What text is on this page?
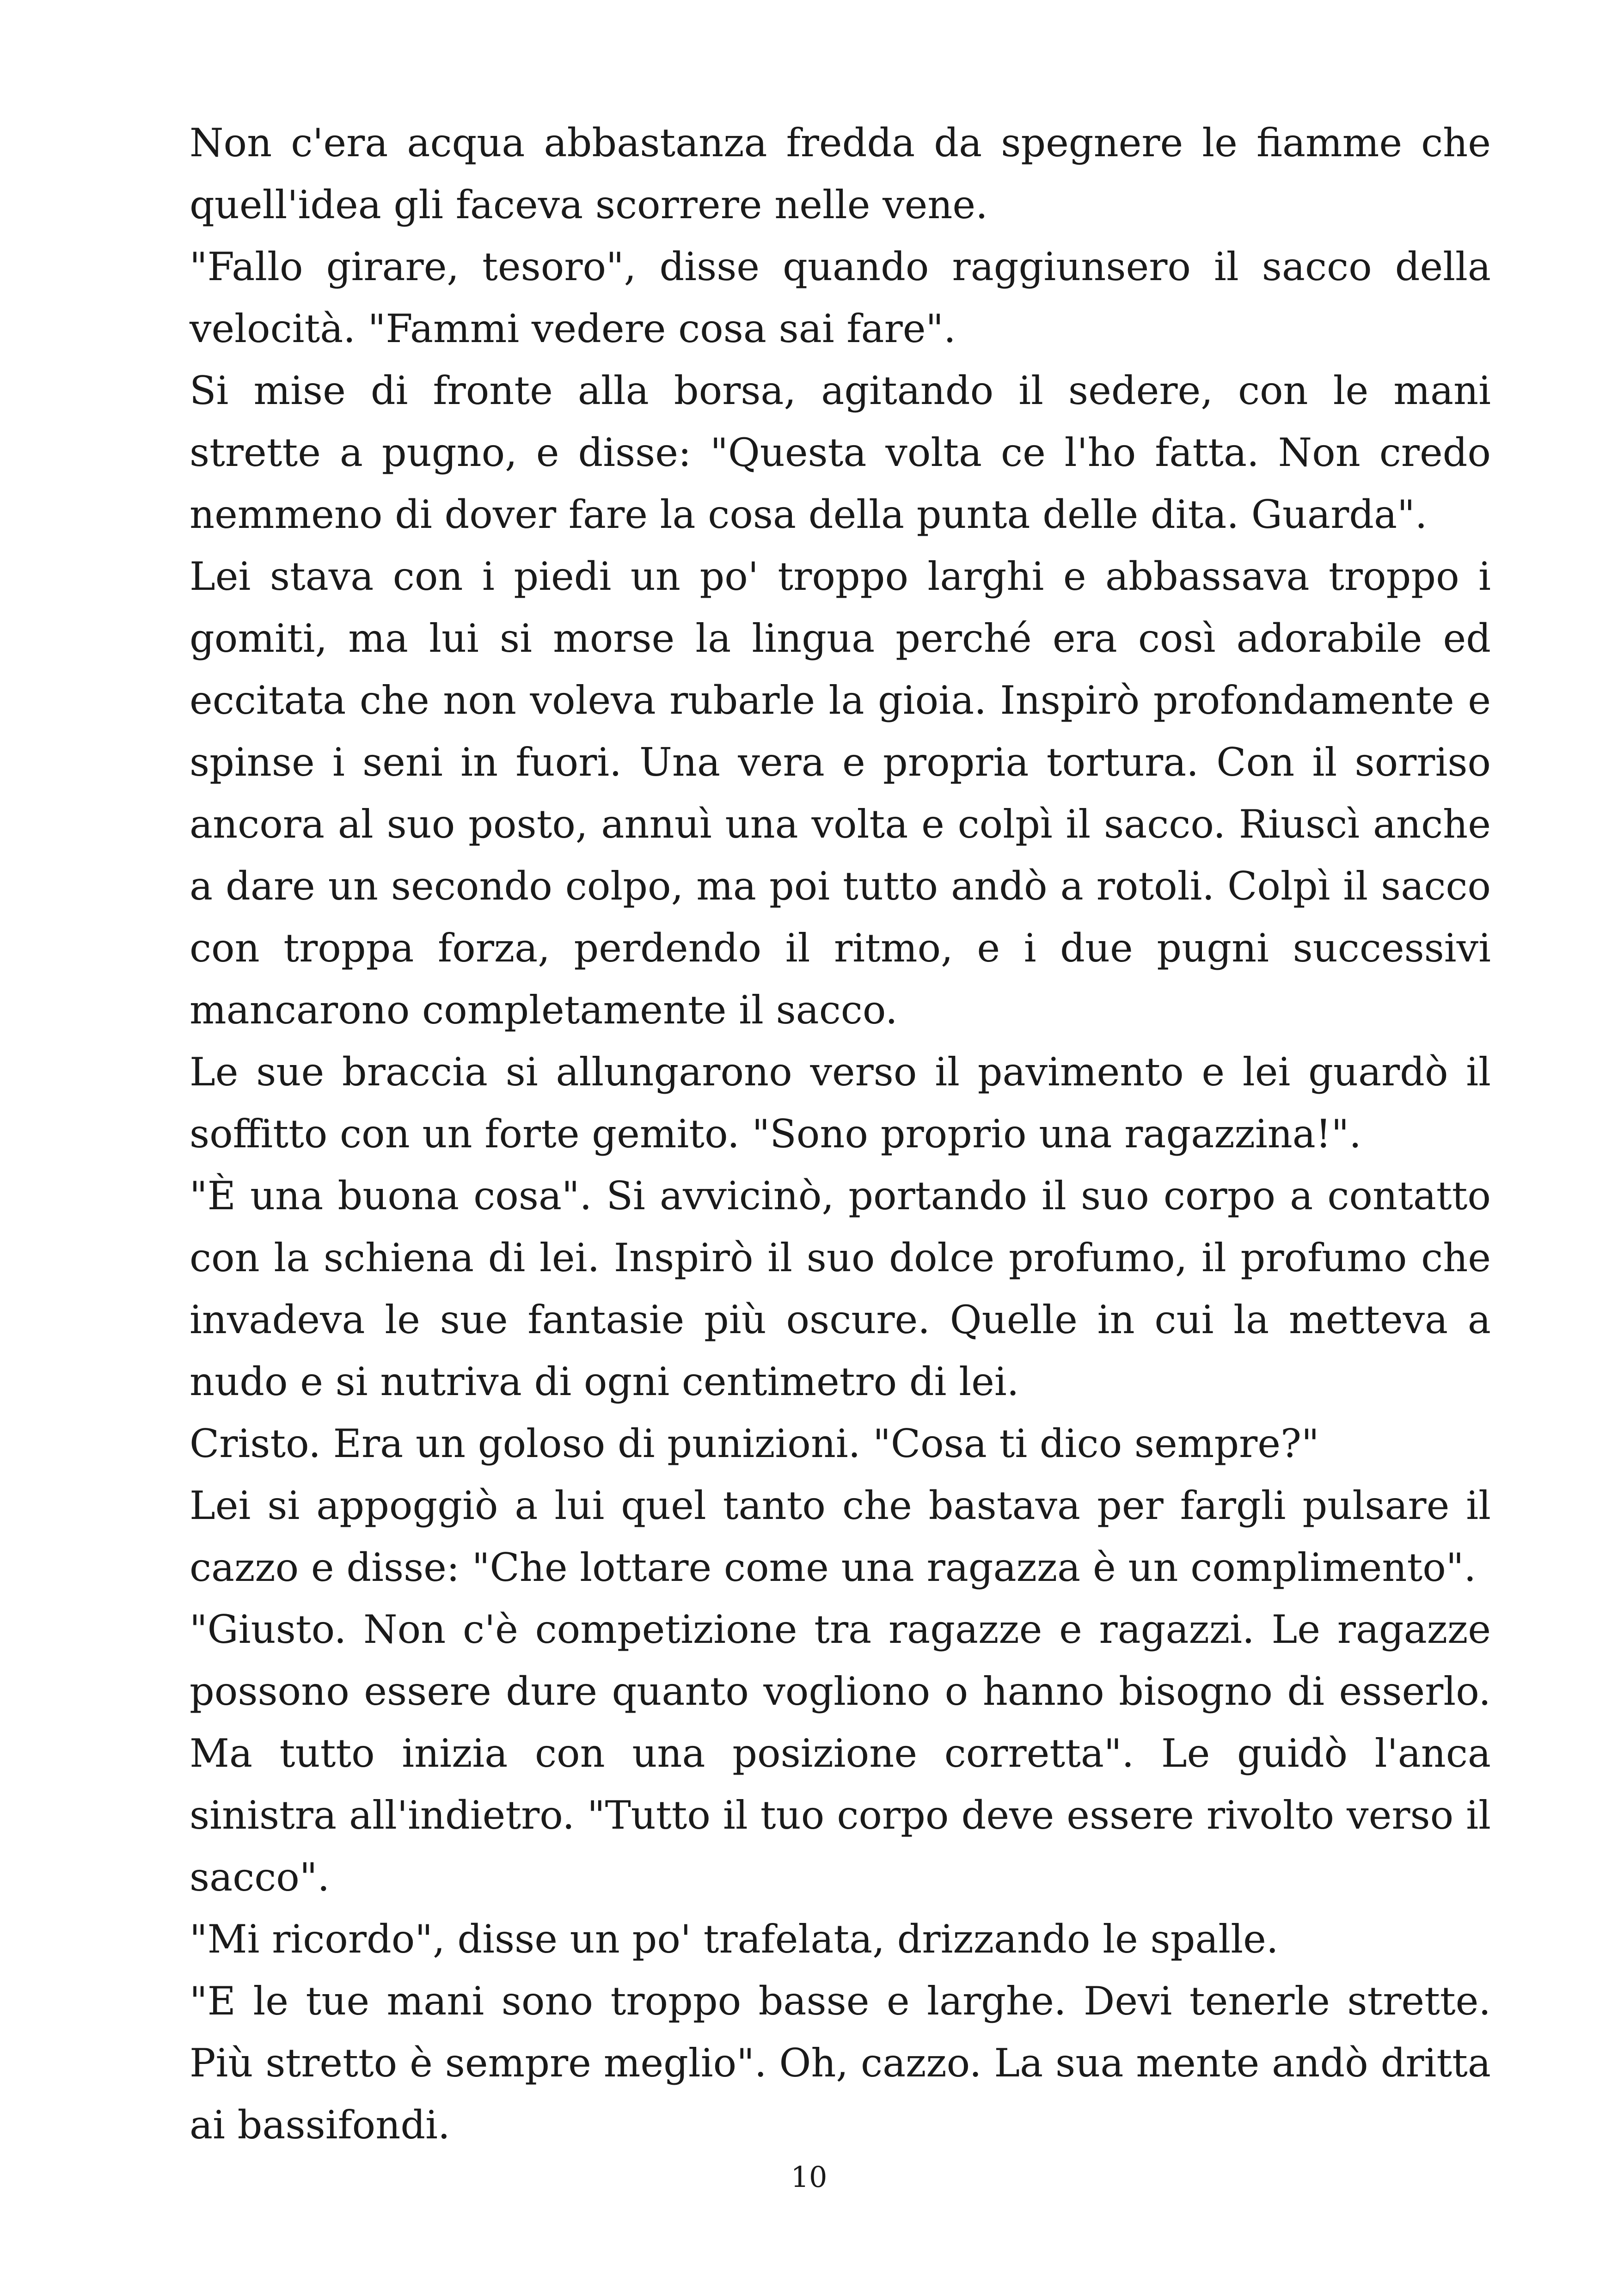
Non c'era acqua abbastanza fredda da spegnere le fiamme che quell'idea gli faceva scorrere nelle vene.

"Fallo girare, tesoro", disse quando raggiunsero il sacco della velocità. "Fammi vedere cosa sai fare".

Si mise di fronte alla borsa, agitando il sedere, con le mani strette a pugno, e disse: "Questa volta ce l'ho fatta. Non credo nemmeno di dover fare la cosa della punta delle dita. Guarda".

Lei stava con i piedi un po' troppo larghi e abbassava troppo i gomiti, ma lui si morse la lingua perché era così adorabile ed eccitata che non voleva rubarle la gioia. Inspirò profondamente e spinse i seni in fuori. Una vera e propria tortura. Con il sorriso ancora al suo posto, annuì una volta e colpì il sacco. Riuscì anche a dare un secondo colpo, ma poi tutto andò a rotoli. Colpì il sacco con troppa forza, perdendo il ritmo, e i due pugni successivi mancarono completamente il sacco.

Le sue braccia si allungarono verso il pavimento e lei guardò il soffitto con un forte gemito. "Sono proprio una ragazzina!".

"È una buona cosa". Si avvicinò, portando il suo corpo a contatto con la schiena di lei. Inspirò il suo dolce profumo, il profumo che invadeva le sue fantasie più oscure. Quelle in cui la metteva a nudo e si nutriva di ogni centimetro di lei.

Cristo. Era un goloso di punizioni. "Cosa ti dico sempre?"

Lei si appoggiò a lui quel tanto che bastava per fargli pulsare il cazzo e disse: "Che lottare come una ragazza è un complimento".

"Giusto. Non c'è competizione tra ragazze e ragazzi. Le ragazze possono essere dure quanto vogliono o hanno bisogno di esserlo. Ma tutto inizia con una posizione corretta". Le guidò l'anca sinistra all'indietro. "Tutto il tuo corpo deve essere rivolto verso il sacco".

"Mi ricordo", disse un po' trafelata, drizzando le spalle.

"E le tue mani sono troppo basse e larghe. Devi tenerle strette. Più stretto è sempre meglio". Oh, cazzo. La sua mente andò dritta ai bassifondi.

10
